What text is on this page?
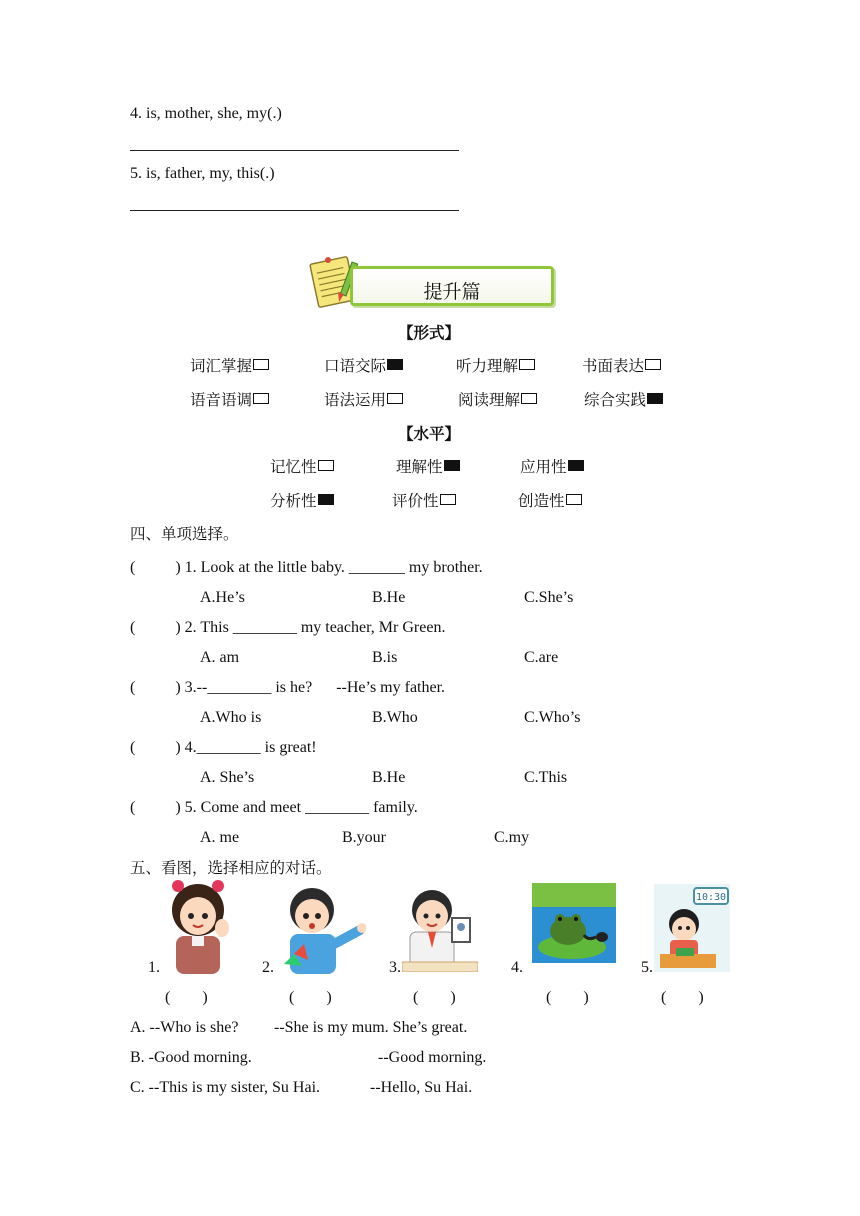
4. is, mother, she, my(.)
5. is, father, my, this(.)
提升篇
【形式】
词汇掌握	口语交际	听力理解	书面表达
语音语调	语法运用	阅读理解	综合实践
【水平】
记忆性	理解性	应用性
分析性	评价性	创造性
四、单项选择。
(          ) 1. Look at the little baby. _______ my brother.
A.He’s	B.He	C.She’s
(          ) 2. This ________ my teacher, Mr Green.
A. am	B.is	C.are
(          ) 3.--________ is he?      --He’s my father.
A.Who is	B.Who	C.Who’s
(          ) 4.________ is great!
A. She’s	B.He	C.This
(          ) 5. Come and meet ________ family.
A. me	B.your	C.my
五、看图，选择相应的对话。
1.
(        )
2.
(        )
3.
(        )
4.
(        )
5.
10:30
(        )
A. --Who is she? --She is my mum. She’s great.
B. -Good morning.	--Good morning.
C. --This is my sister, Su Hai.	--Hello, Su Hai.
